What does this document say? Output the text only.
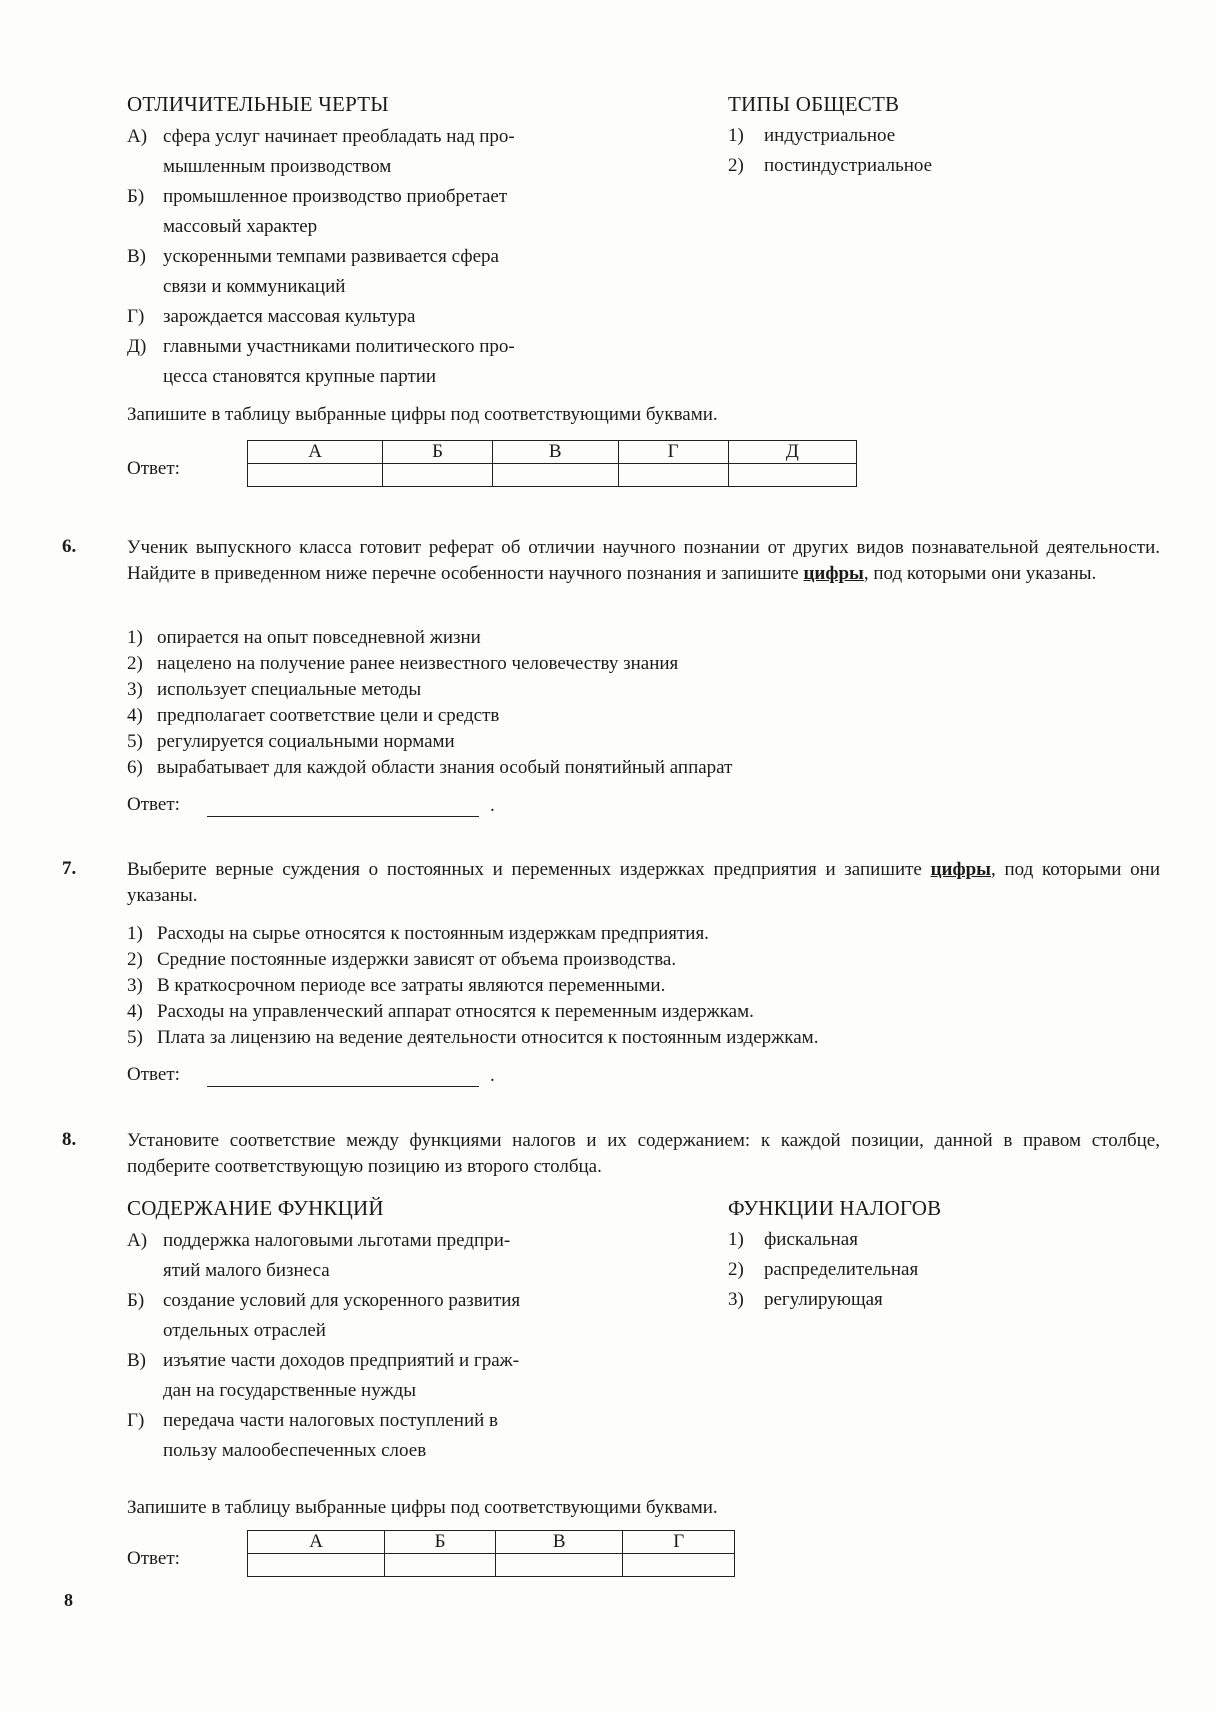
ОТЛИЧИТЕЛЬНЫЕ ЧЕРТЫ	ТИПЫ ОБЩЕСТВ
А) сфера услуг начинает преобладать над про-
мышленным производством
Б) промышленное производство приобретает
массовый характер
В) ускоренными темпами развивается сфера
связи и коммуникаций
Г) зарождается массовая культура
Д) главными участниками политического про-
цесса становятся крупные партии
1)	индустриальное
2)	постиндустриальное
Запишите в таблицу выбранные цифры под соответствующими буквами.
Ответ:
А	Б	В	Г	Д

6.	Ученик выпускного класса готовит реферат об отличии научного познании от других видов познавательной деятельности. Найдите в приведенном ниже перечне особенности научного познания и запишите цифры, под которыми они указаны.
1) опирается на опыт повседневной жизни
2) нацелено на получение ранее неизвестного человечеству знания
3) использует специальные методы
4) предполагает соответствие цели и средств
5) регулируется социальными нормами
6) вырабатывает для каждой области знания особый понятийный аппарат
Ответ:	.
7.	Выберите верные суждения о постоянных и переменных издержках предприятия и запишите цифры, под которыми они указаны.
1) Расходы на сырье относятся к постоянным издержкам предприятия.
2) Средние постоянные издержки зависят от объема производства.
3) В краткосрочном периоде все затраты являются переменными.
4) Расходы на управленческий аппарат относятся к переменным издержкам.
5) Плата за лицензию на ведение деятельности относится к постоянным издержкам.
Ответ:	.
8.	Установите соответствие между функциями налогов и их содержанием: к каждой позиции, данной в правом столбце, подберите соответствующую позицию из второго столбца.
СОДЕРЖАНИЕ ФУНКЦИЙ	ФУНКЦИИ НАЛОГОВ
А) поддержка налоговыми льготами предпри-
ятий малого бизнеса
Б) создание условий для ускоренного развития
отдельных отраслей
В) изъятие части доходов предприятий и граж-
дан на государственные нужды
Г) передача части налоговых поступлений в
пользу малообеспеченных слоев
1)	фискальная
2)	распределительная
3)	регулирующая
Запишите в таблицу выбранные цифры под соответствующими буквами.
Ответ:
А	Б	В	Г

8
